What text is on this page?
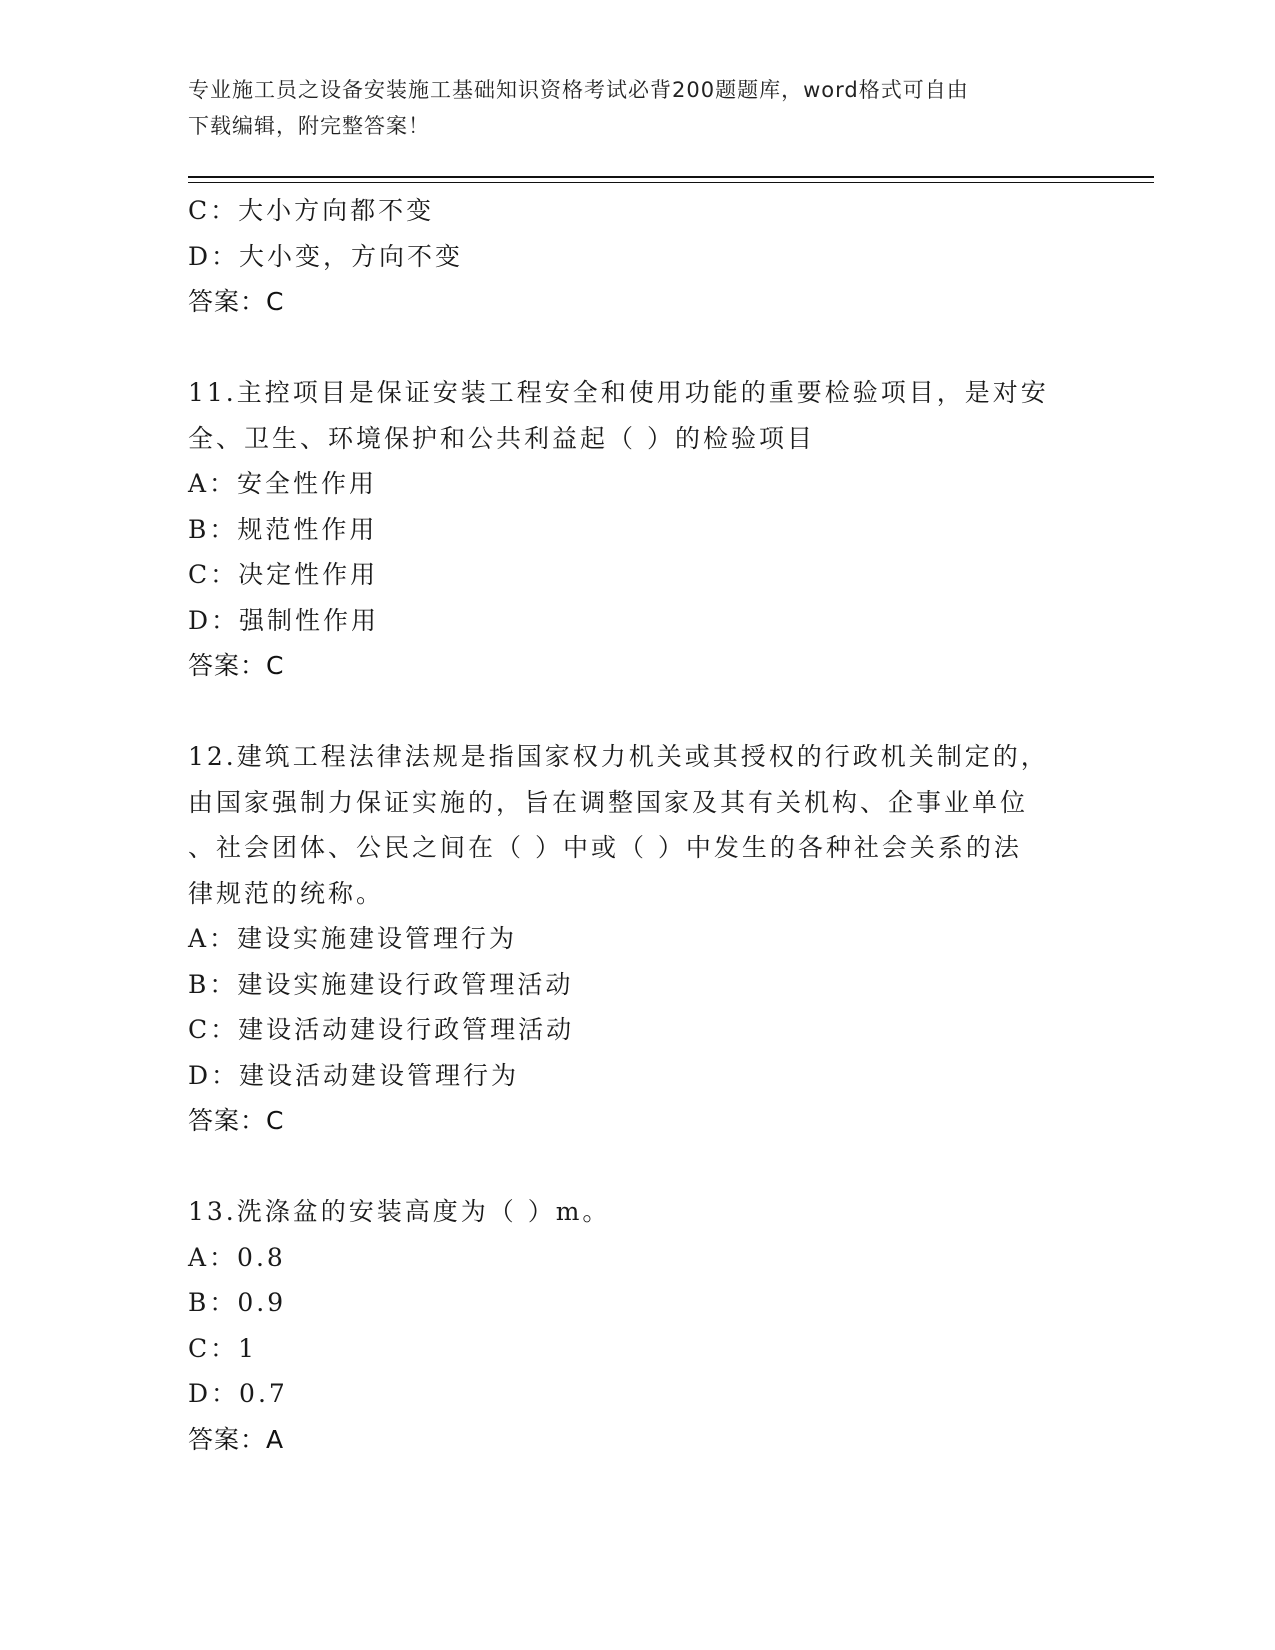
专业施工员之设备安装施工基础知识资格考试必背200题题库，word格式可自由
下载编辑，附完整答案！
C：大小方向都不变
D：大小变，方向不变
答案：C
11.主控项目是保证安装工程安全和使用功能的重要检验项目，是对安
全、卫生、环境保护和公共利益起（ ）的检验项目
A：安全性作用
B：规范性作用
C：决定性作用
D：强制性作用
答案：C
12.建筑工程法律法规是指国家权力机关或其授权的行政机关制定的，
由国家强制力保证实施的，旨在调整国家及其有关机构、企事业单位
、社会团体、公民之间在（ ）中或（ ）中发生的各种社会关系的法
律规范的统称。
A：建设实施建设管理行为
B：建设实施建设行政管理活动
C：建设活动建设行政管理活动
D：建设活动建设管理行为
答案：C
13.洗涤盆的安装高度为（ ）m。
A：0.8
B：0.9
C：1
D：0.7
答案：A
